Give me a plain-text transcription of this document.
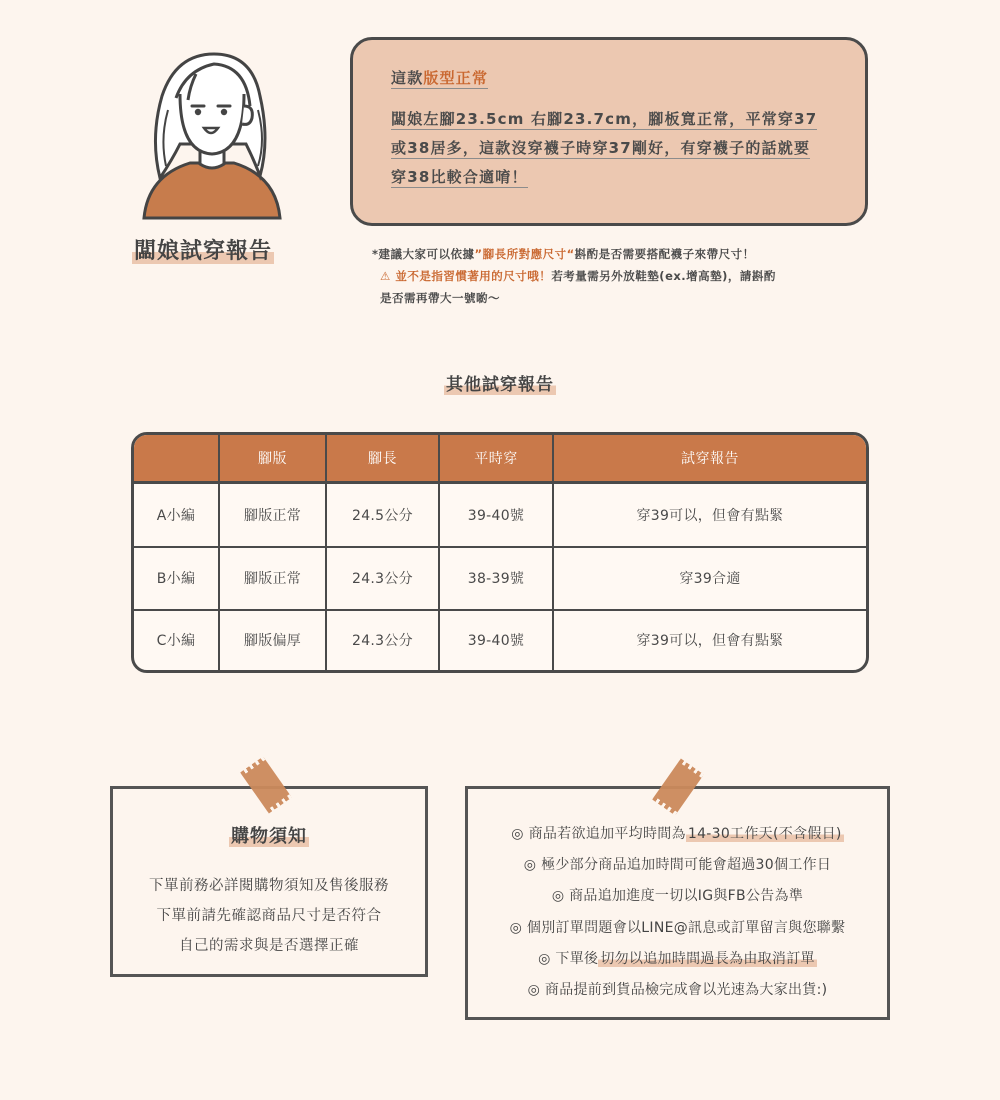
闆娘試穿報告

這款版型正常

闆娘左腳23.5cm 右腳23.7cm，腳板寬正常，平常穿37
或38居多，這款沒穿襪子時穿37剛好，有穿襪子的話就要
穿38比較合適唷！

*建議大家可以依據”腳長所對應尺寸“斟酌是否需要搭配襪子來帶尺寸！
⚠ 並不是指習慣著用的尺寸哦！若考量需另外放鞋墊(ex.增高墊)，請斟酌
是否需再帶大一號喲～
其他試穿報告
	腳版	腳長	平時穿	試穿報告
A小編	腳版正常	24.5公分	39-40號	穿39可以，但會有點緊
B小編	腳版正常	24.3公分	38-39號	穿39合適
C小編	腳版偏厚	24.3公分	39-40號	穿39可以，但會有點緊
購物須知
下單前務必詳閱購物須知及售後服務
下單前請先確認商品尺寸是否符合
自己的需求與是否選擇正確
◎ 商品若欲追加平均時間為 14-30工作天(不含假日)
◎ 極少部分商品追加時間可能會超過30個工作日
◎ 商品追加進度一切以IG與FB公告為準
◎ 個別訂單問題會以LINE@訊息或訂單留言與您聯繫
◎ 下單後 切勿以追加時間過長為由取消訂單
◎ 商品提前到貨品檢完成會以光速為大家出貨:)
